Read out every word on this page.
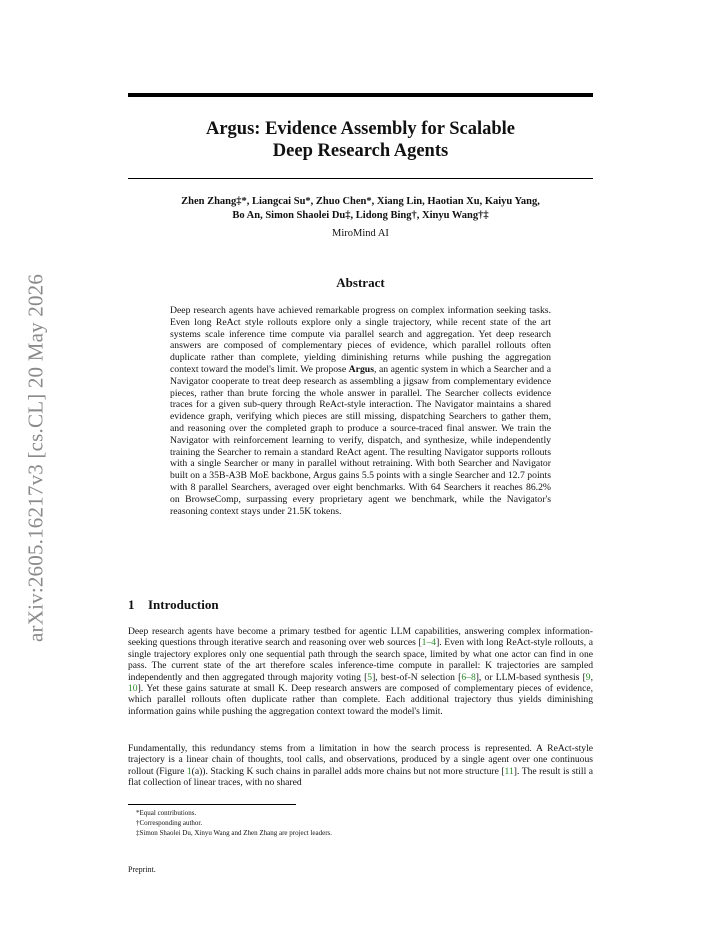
arXiv:2605.16217v3 [cs.CL] 20 May 2026
Argus: Evidence Assembly for Scalable
Deep Research Agents
Zhen Zhang‡*, Liangcai Su*, Zhuo Chen*, Xiang Lin, Haotian Xu, Kaiyu Yang,
Bo An, Simon Shaolei Du‡, Lidong Bing†, Xinyu Wang†‡
MiroMind AI
Abstract
Deep research agents have achieved remarkable progress on complex information seeking tasks. Even long ReAct style rollouts explore only a single trajectory, while recent state of the art systems scale inference time compute via parallel search and aggregation. Yet deep research answers are composed of complementary pieces of evidence, which parallel rollouts often duplicate rather than complete, yielding diminishing returns while pushing the aggregation context toward the model's limit. We propose Argus, an agentic system in which a Searcher and a Navigator cooperate to treat deep research as assembling a jigsaw from complementary evidence pieces, rather than brute forcing the whole answer in parallel. The Searcher collects evidence traces for a given sub-query through ReAct-style interaction. The Navigator maintains a shared evidence graph, verifying which pieces are still missing, dispatching Searchers to gather them, and reasoning over the completed graph to produce a source-traced final answer. We train the Navigator with reinforcement learning to verify, dispatch, and synthesize, while independently training the Searcher to remain a standard ReAct agent. The resulting Navigator supports rollouts with a single Searcher or many in parallel without retraining. With both Searcher and Navigator built on a 35B-A3B MoE backbone, Argus gains 5.5 points with a single Searcher and 12.7 points with 8 parallel Searchers, averaged over eight benchmarks. With 64 Searchers it reaches 86.2% on BrowseComp, surpassing every proprietary agent we benchmark, while the Navigator's reasoning context stays under 21.5K tokens.
1 Introduction
Deep research agents have become a primary testbed for agentic LLM capabilities, answering complex information-seeking questions through iterative search and reasoning over web sources [1–4]. Even with long ReAct-style rollouts, a single trajectory explores only one sequential path through the search space, limited by what one actor can find in one pass. The current state of the art therefore scales inference-time compute in parallel: K trajectories are sampled independently and then aggregated through majority voting [5], best-of-N selection [6–8], or LLM-based synthesis [9, 10]. Yet these gains saturate at small K. Deep research answers are composed of complementary pieces of evidence, which parallel rollouts often duplicate rather than complete. Each additional trajectory thus yields diminishing information gains while pushing the aggregation context toward the model's limit.
Fundamentally, this redundancy stems from a limitation in how the search process is represented. A ReAct-style trajectory is a linear chain of thoughts, tool calls, and observations, produced by a single agent over one continuous rollout (Figure 1(a)). Stacking K such chains in parallel adds more chains but not more structure [11]. The result is still a flat collection of linear traces, with no shared
*Equal contributions.
†Corresponding author.
‡Simon Shaolei Du, Xinyu Wang and Zhen Zhang are project leaders.
Preprint.
